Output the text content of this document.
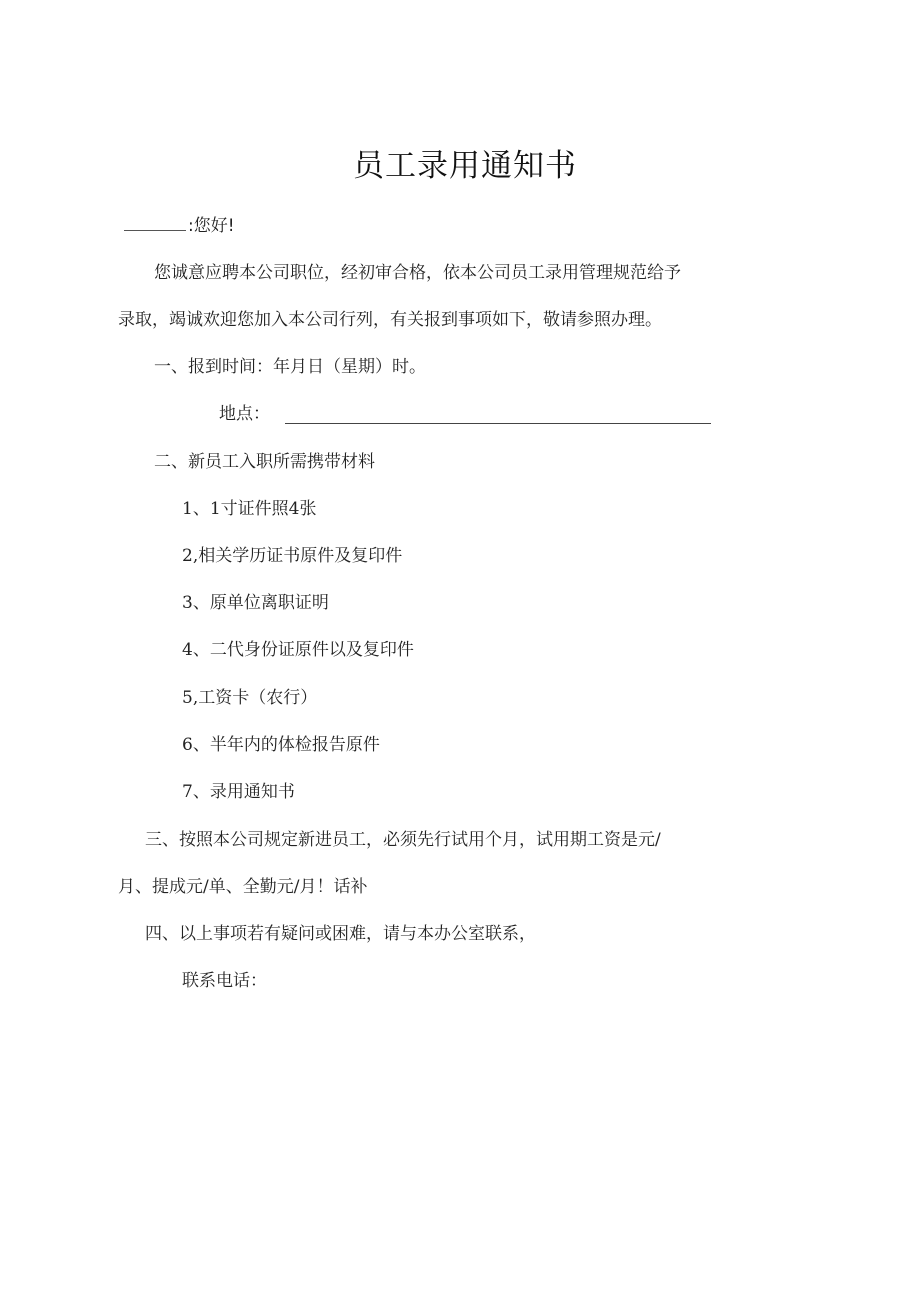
员工录用通知书
:您好!
您诚意应聘本公司职位，经初审合格，依本公司员工录用管理规范给予
录取，竭诚欢迎您加入本公司行列，有关报到事项如下，敬请参照办理。
一、报到时间：年月日（星期）时。
地点：
二、新员工入职所需携带材料
1、1寸证件照4张
2,相关学历证书原件及复印件
3、原单位离职证明
4、二代身份证原件以及复印件
5,工资卡（农行）
6、半年内的体检报告原件
7、录用通知书
三、按照本公司规定新进员工，必须先行试用个月，试用期工资是元/
月、提成元/单、全勤元/月！话补
四、以上事项若有疑问或困难，请与本办公室联系，
联系电话：
